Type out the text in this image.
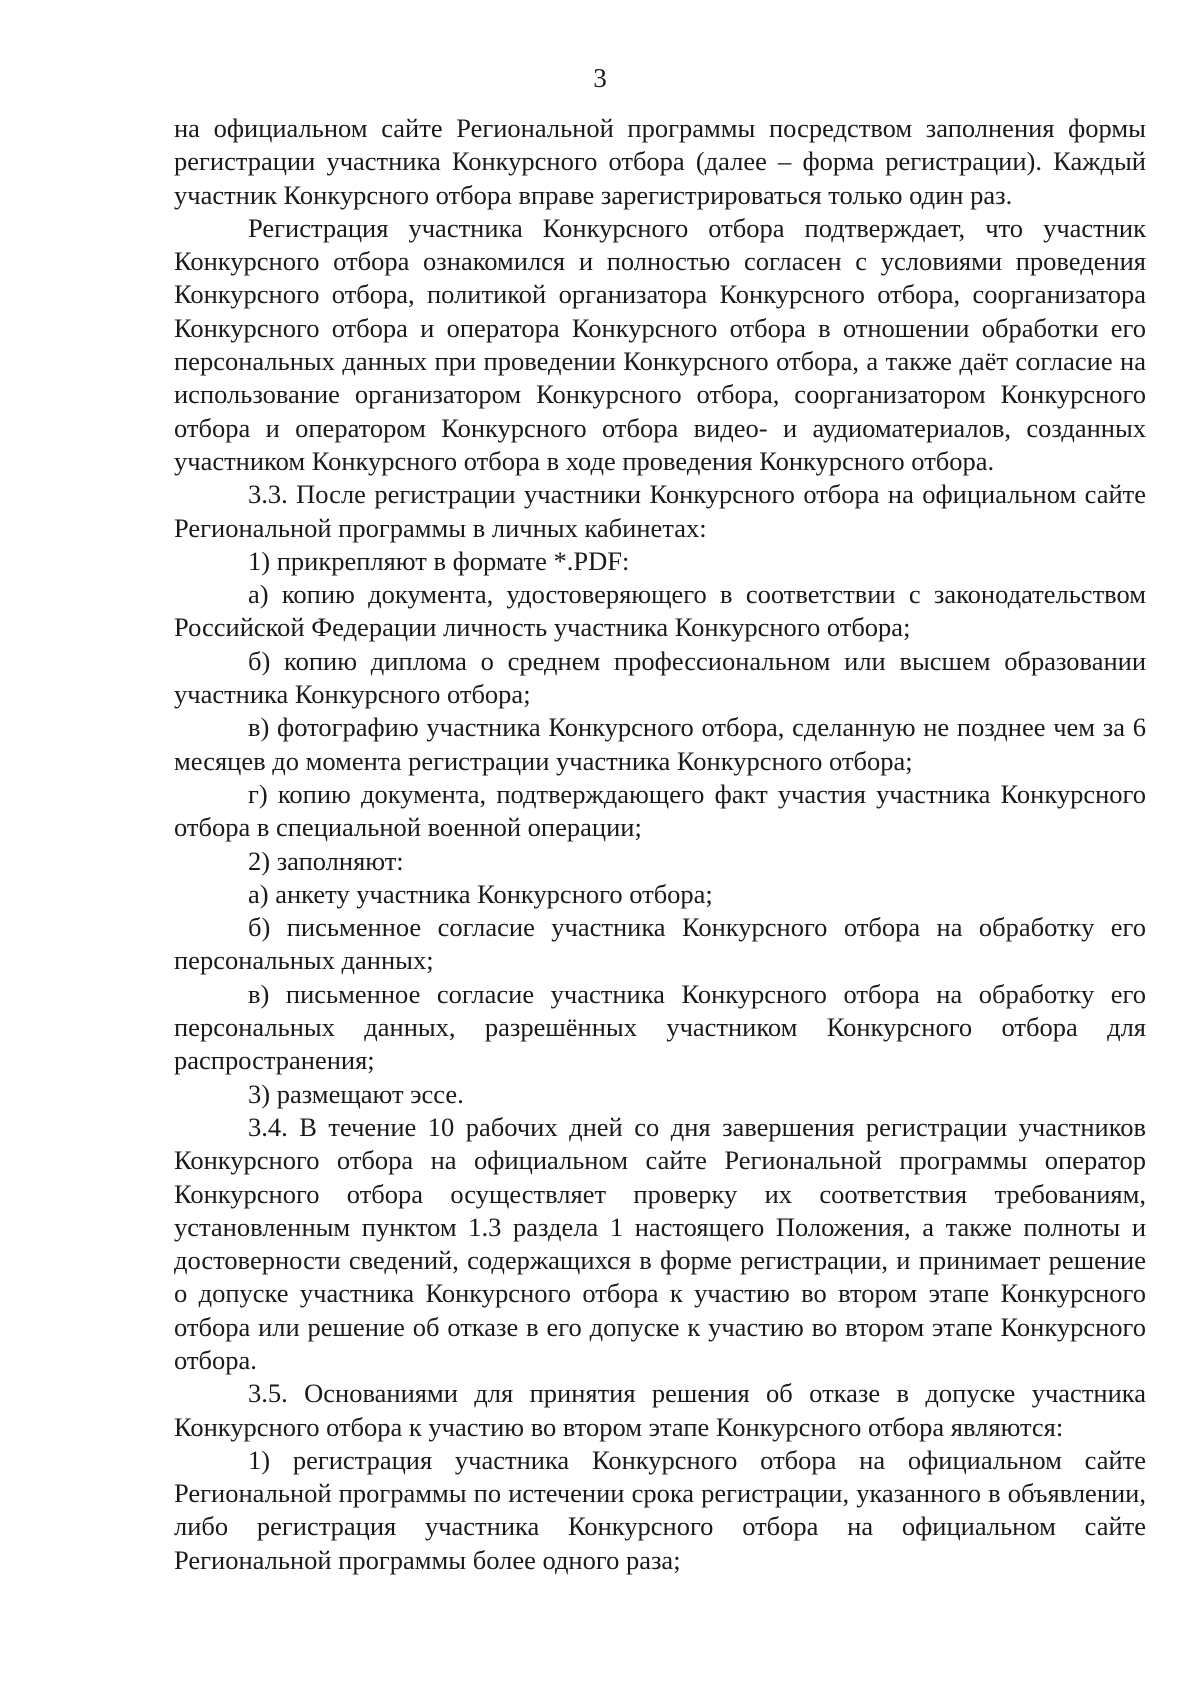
3

на официальном сайте Региональной программы посредством заполнения формы регистрации участника Конкурсного отбора (далее – форма регистрации). Каждый участник Конкурсного отбора вправе зарегистрироваться только один раз.

Регистрация участника Конкурсного отбора подтверждает, что участник Конкурсного отбора ознакомился и полностью согласен с условиями проведения Конкурсного отбора, политикой организатора Конкурсного отбора, соорганизатора Конкурсного отбора и оператора Конкурсного отбора в отношении обработки его персональных данных при проведении Конкурсного отбора, а также даёт согласие на использование организатором Конкурсного отбора, соорганизатором Конкурсного отбора и оператором Конкурсного отбора видео- и аудиоматериалов, созданных участником Конкурсного отбора в ходе проведения Конкурсного отбора.

3.3. После регистрации участники Конкурсного отбора на официальном сайте Региональной программы в личных кабинетах:

1) прикрепляют в формате *.PDF:

а) копию документа, удостоверяющего в соответствии с законодательством Российской Федерации личность участника Конкурсного отбора;

б) копию диплома о среднем профессиональном или высшем образовании участника Конкурсного отбора;

в) фотографию участника Конкурсного отбора, сделанную не позднее чем за 6 месяцев до момента регистрации участника Конкурсного отбора;

г) копию документа, подтверждающего факт участия участника Конкурсного отбора в специальной военной операции;

2) заполняют:

а) анкету участника Конкурсного отбора;

б) письменное согласие участника Конкурсного отбора на обработку его персональных данных;

в) письменное согласие участника Конкурсного отбора на обработку его персональных данных, разрешённых участником Конкурсного отбора для распространения;

3) размещают эссе.

3.4. В течение 10 рабочих дней со дня завершения регистрации участников Конкурсного отбора на официальном сайте Региональной программы оператор Конкурсного отбора осуществляет проверку их соответствия требованиям, установленным пунктом 1.3 раздела 1 настоящего Положения, а также полноты и достоверности сведений, содержащихся в форме регистрации, и принимает решение о допуске участника Конкурсного отбора к участию во втором этапе Конкурсного отбора или решение об отказе в его допуске к участию во втором этапе Конкурсного отбора.

3.5. Основаниями для принятия решения об отказе в допуске участника Конкурсного отбора к участию во втором этапе Конкурсного отбора являются:

1) регистрация участника Конкурсного отбора на официальном сайте Региональной программы по истечении срока регистрации, указанного в объявлении, либо регистрация участника Конкурсного отбора на официальном сайте Региональной программы более одного раза;
